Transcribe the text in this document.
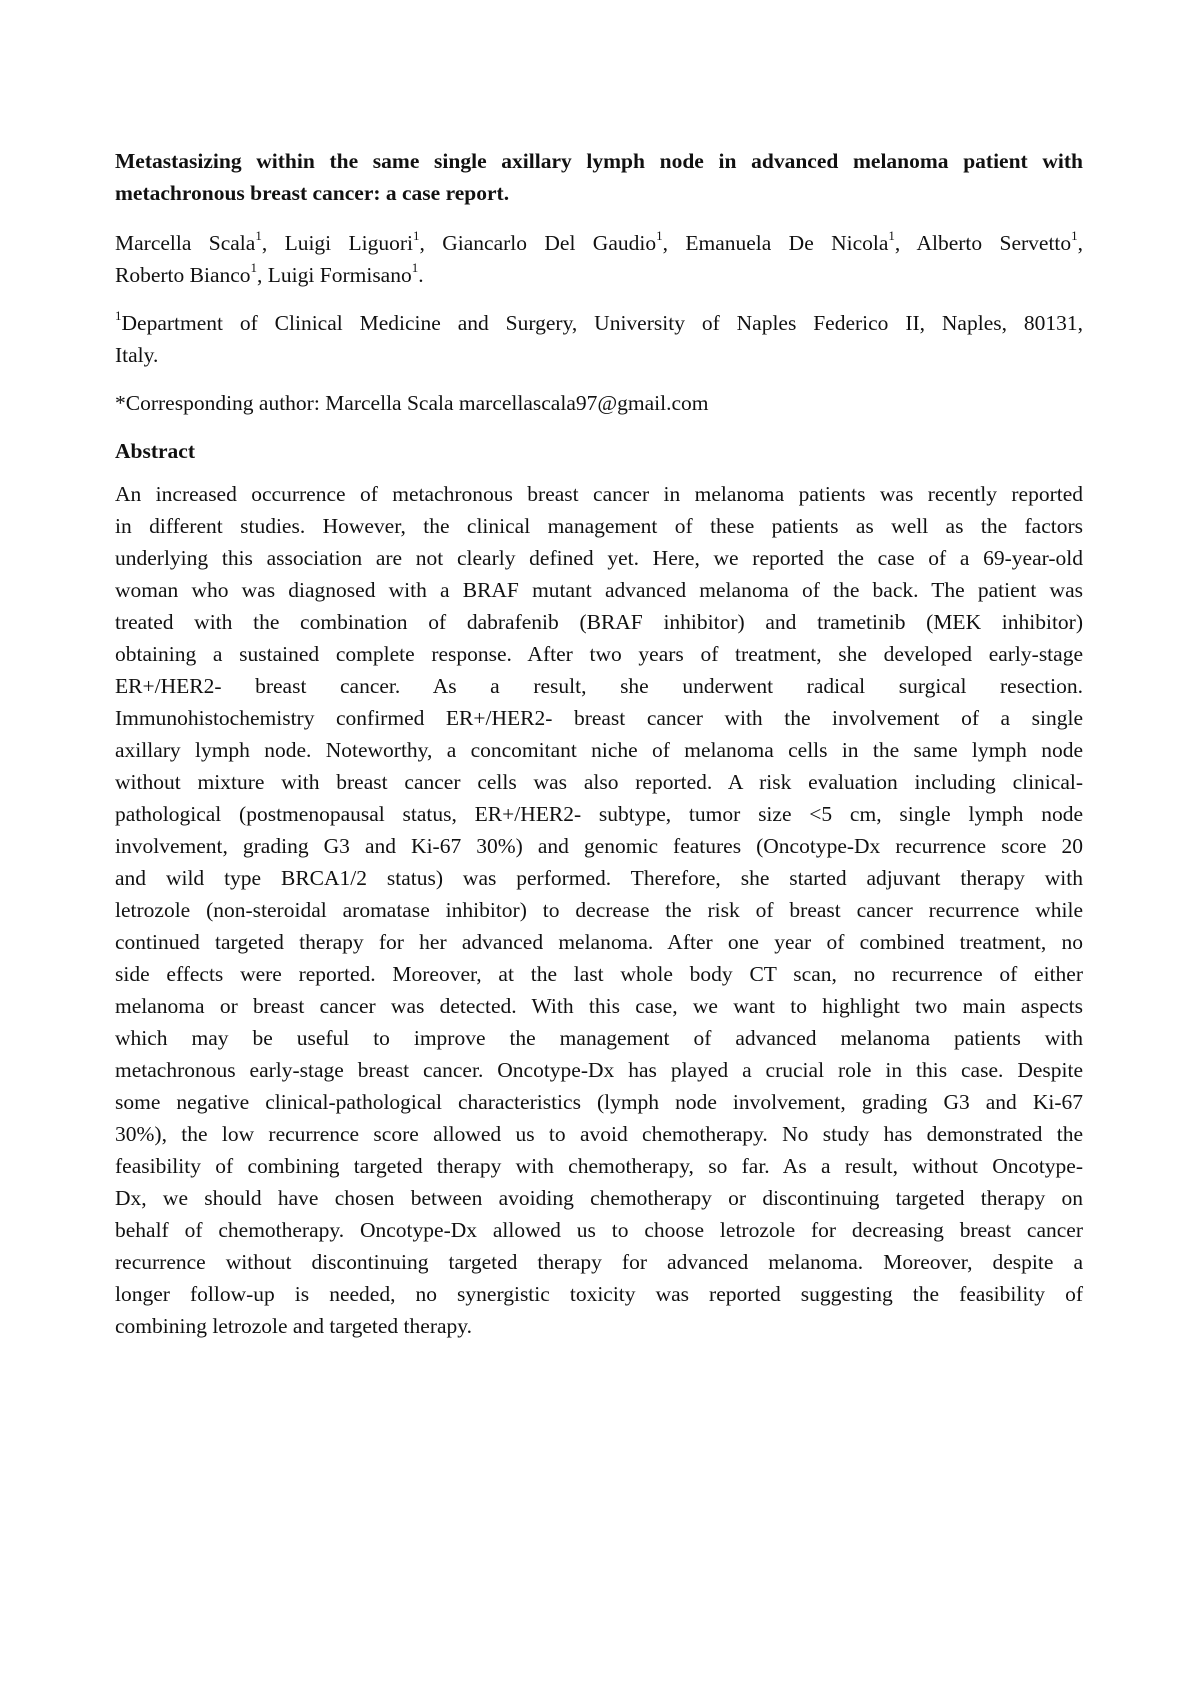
Metastasizing within the same single axillary lymph node in advanced melanoma patient with
metachronous breast cancer: a case report.
Marcella Scala$^1$, Luigi Liguori$^1$, Giancarlo Del Gaudio$^1$, Emanuela De Nicola$^1$, Alberto Servetto$^1$,
Roberto Bianco$^1$, Luigi Formisano$^1$.
$^1$Department of Clinical Medicine and Surgery, University of Naples Federico II, Naples, 80131,
Italy.
*Corresponding author: Marcella Scala marcellascala97@gmail.com
Abstract
An increased occurrence of metachronous breast cancer in melanoma patients was recently reported
in different studies. However, the clinical management of these patients as well as the factors
underlying this association are not clearly defined yet. Here, we reported the case of a 69-year-old
woman who was diagnosed with a BRAF mutant advanced melanoma of the back. The patient was
treated with the combination of dabrafenib (BRAF inhibitor) and trametinib (MEK inhibitor)
obtaining a sustained complete response. After two years of treatment, she developed early-stage
ER+/HER2- breast cancer. As a result, she underwent radical surgical resection.
Immunohistochemistry confirmed ER+/HER2- breast cancer with the involvement of a single
axillary lymph node. Noteworthy, a concomitant niche of melanoma cells in the same lymph node
without mixture with breast cancer cells was also reported. A risk evaluation including clinical-
pathological (postmenopausal status, ER+/HER2- subtype, tumor size <5 cm, single lymph node
involvement, grading G3 and Ki-67 30%) and genomic features (Oncotype-Dx recurrence score 20
and wild type BRCA1/2 status) was performed. Therefore, she started adjuvant therapy with
letrozole (non-steroidal aromatase inhibitor) to decrease the risk of breast cancer recurrence while
continued targeted therapy for her advanced melanoma. After one year of combined treatment, no
side effects were reported. Moreover, at the last whole body CT scan, no recurrence of either
melanoma or breast cancer was detected. With this case, we want to highlight two main aspects
which may be useful to improve the management of advanced melanoma patients with
metachronous early-stage breast cancer. Oncotype-Dx has played a crucial role in this case. Despite
some negative clinical-pathological characteristics (lymph node involvement, grading G3 and Ki-67
30%), the low recurrence score allowed us to avoid chemotherapy. No study has demonstrated the
feasibility of combining targeted therapy with chemotherapy, so far. As a result, without Oncotype-
Dx, we should have chosen between avoiding chemotherapy or discontinuing targeted therapy on
behalf of chemotherapy. Oncotype-Dx allowed us to choose letrozole for decreasing breast cancer
recurrence without discontinuing targeted therapy for advanced melanoma. Moreover, despite a
longer follow-up is needed, no synergistic toxicity was reported suggesting the feasibility of
combining letrozole and targeted therapy.
